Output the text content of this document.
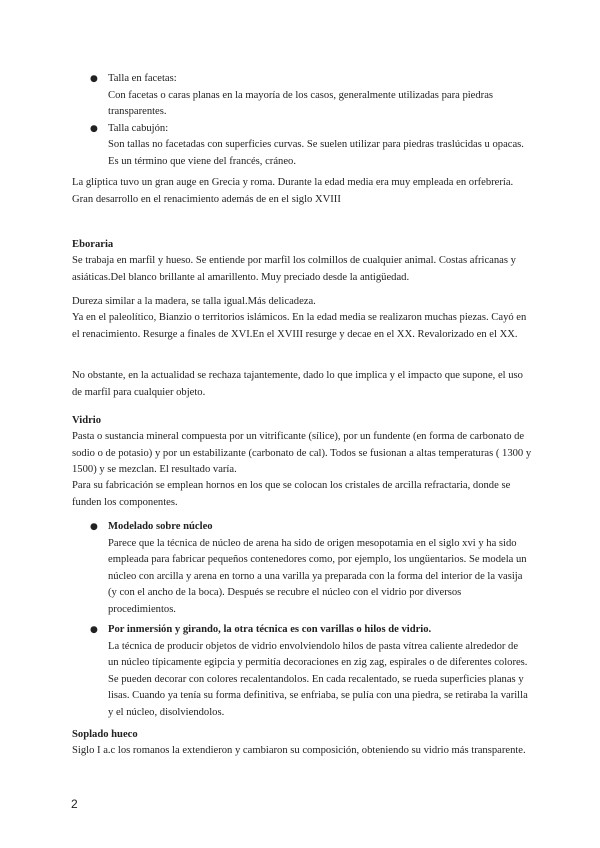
● Talla en facetas:

Con facetas o caras planas en la mayoría de los casos, generalmente utilizadas para piedras transparentes.

● Talla cabujón:

Son tallas no facetadas con superficies curvas. Se suelen utilizar para piedras traslúcidas u opacas. Es un término que viene del francés, cráneo.

La glíptica tuvo un gran auge en Grecia y roma. Durante la edad media era muy empleada en orfebrería. Gran desarrollo en el renacimiento además de en el siglo XVIII

Eboraria

Se trabaja en marfil y hueso. Se entiende por marfil los colmillos de cualquier animal. Costas africanas y asiáticas.Del blanco brillante al amarillento. Muy preciado desde la antigüedad.

Dureza similar a la madera, se talla igual.Más delicadeza.

Ya en el paleolítico, Bianzio o territorios islámicos. En la edad media se realizaron muchas piezas. Cayó en el renacimiento. Resurge a finales de XVI.En el XVIII resurge y decae en el XX. Revalorizado en el XX.

No obstante, en la actualidad se rechaza tajantemente, dado lo que implica y el impacto que supone, el uso de marfil para cualquier objeto.

Vidrio

Pasta o sustancia mineral compuesta por un vitrificante (sílice), por un fundente (en forma de carbonato de sodio o de potasio) y por un estabilizante (carbonato de cal). Todos se fusionan a altas temperaturas ( 1300 y 1500) y se mezclan. El resultado varía.

Para su fabricación se emplean hornos en los que se colocan los cristales de arcilla refractaria, donde se funden los componentes.

● Modelado sobre núcleo

Parece que la técnica de núcleo de arena ha sido de origen mesopotamia en el siglo xvi y ha sido empleada para fabricar pequeños contenedores como, por ejemplo, los ungüentarios. Se modela un núcleo con arcilla y arena en torno a una varilla ya preparada con la forma del interior de la vasija (y con el ancho de la boca). Después se recubre el núcleo con el vidrio por diversos procedimientos.

● Por inmersión y girando, la otra técnica es con varillas o hilos de vidrio.

La técnica de producir objetos de vidrio envolviendolo hilos de pasta vítrea caliente alrededor de un núcleo típicamente egipcia y permitía decoraciones en zig zag, espirales o de diferentes colores. Se pueden decorar con colores recalentandolos. En cada recalentado, se rueda superficies planas y lisas. Cuando ya tenía su forma definitiva, se enfriaba, se pulía con una piedra, se retiraba la varilla y el núcleo, disolviendolos.

Soplado hueco

Siglo I a.c los romanos la extendieron y cambiaron su composición, obteniendo su vidrio más transparente.

2
